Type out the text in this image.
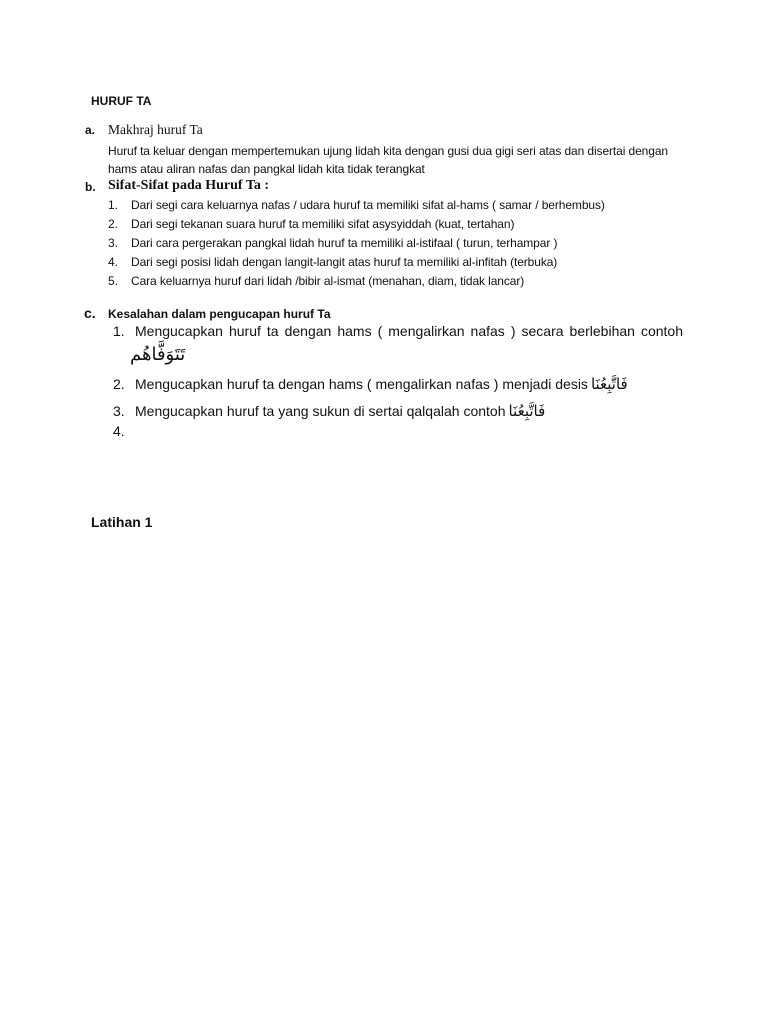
HURUF TA
a. Makhraj huruf Ta
Huruf ta keluar dengan mempertemukan ujung lidah kita dengan gusi dua gigi seri atas dan disertai dengan hams atau aliran nafas dan pangkal lidah kita tidak terangkat
b. Sifat-Sifat pada Huruf Ta :
1. Dari segi cara keluarnya nafas / udara huruf ta memiliki sifat al-hams ( samar / berhembus)
2. Dari segi tekanan suara huruf ta memiliki sifat asysyiddah (kuat, tertahan)
3. Dari cara pergerakan pangkal lidah huruf ta memiliki al-istifaal ( turun, terhampar )
4. Dari segi posisi lidah dengan langit-langit atas huruf ta memiliki al-infitah (terbuka)
5. Cara keluarnya huruf dari lidah /bibir al-ismat (menahan, diam, tidak lancar)
c. Kesalahan dalam pengucapan huruf Ta
1. Mengucapkan huruf ta dengan hams ( mengalirkan nafas ) secara berlebihan contoh
تَتَوَفَّاهُم
2. Mengucapkan huruf ta dengan hams ( mengalirkan nafas ) menjadi desis فَاتَّبِعُنَا
3. Mengucapkan huruf ta yang sukun di sertai qalqalah contoh فَاتَّبِعُنَا
4.
Latihan 1
